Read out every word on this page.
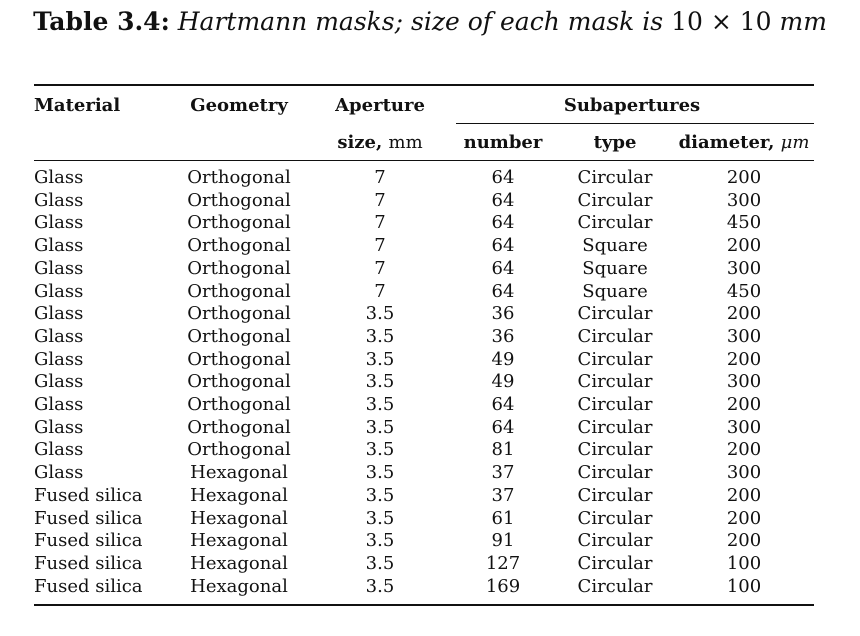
Table 3.4: Hartmann masks; size of each mask is 10 × 10 mm
Material	Geometry	Aperture	Subapertures		
		size, mm	number	type	diameter, μm
Glass	Orthogonal	7	64	Circular	200
Glass	Orthogonal	7	64	Circular	300
Glass	Orthogonal	7	64	Circular	450
Glass	Orthogonal	7	64	Square	200
Glass	Orthogonal	7	64	Square	300
Glass	Orthogonal	7	64	Square	450
Glass	Orthogonal	3.5	36	Circular	200
Glass	Orthogonal	3.5	36	Circular	300
Glass	Orthogonal	3.5	49	Circular	200
Glass	Orthogonal	3.5	49	Circular	300
Glass	Orthogonal	3.5	64	Circular	200
Glass	Orthogonal	3.5	64	Circular	300
Glass	Orthogonal	3.5	81	Circular	200
Glass	Hexagonal	3.5	37	Circular	300
Fused silica	Hexagonal	3.5	37	Circular	200
Fused silica	Hexagonal	3.5	61	Circular	200
Fused silica	Hexagonal	3.5	91	Circular	200
Fused silica	Hexagonal	3.5	127	Circular	100
Fused silica	Hexagonal	3.5	169	Circular	100
